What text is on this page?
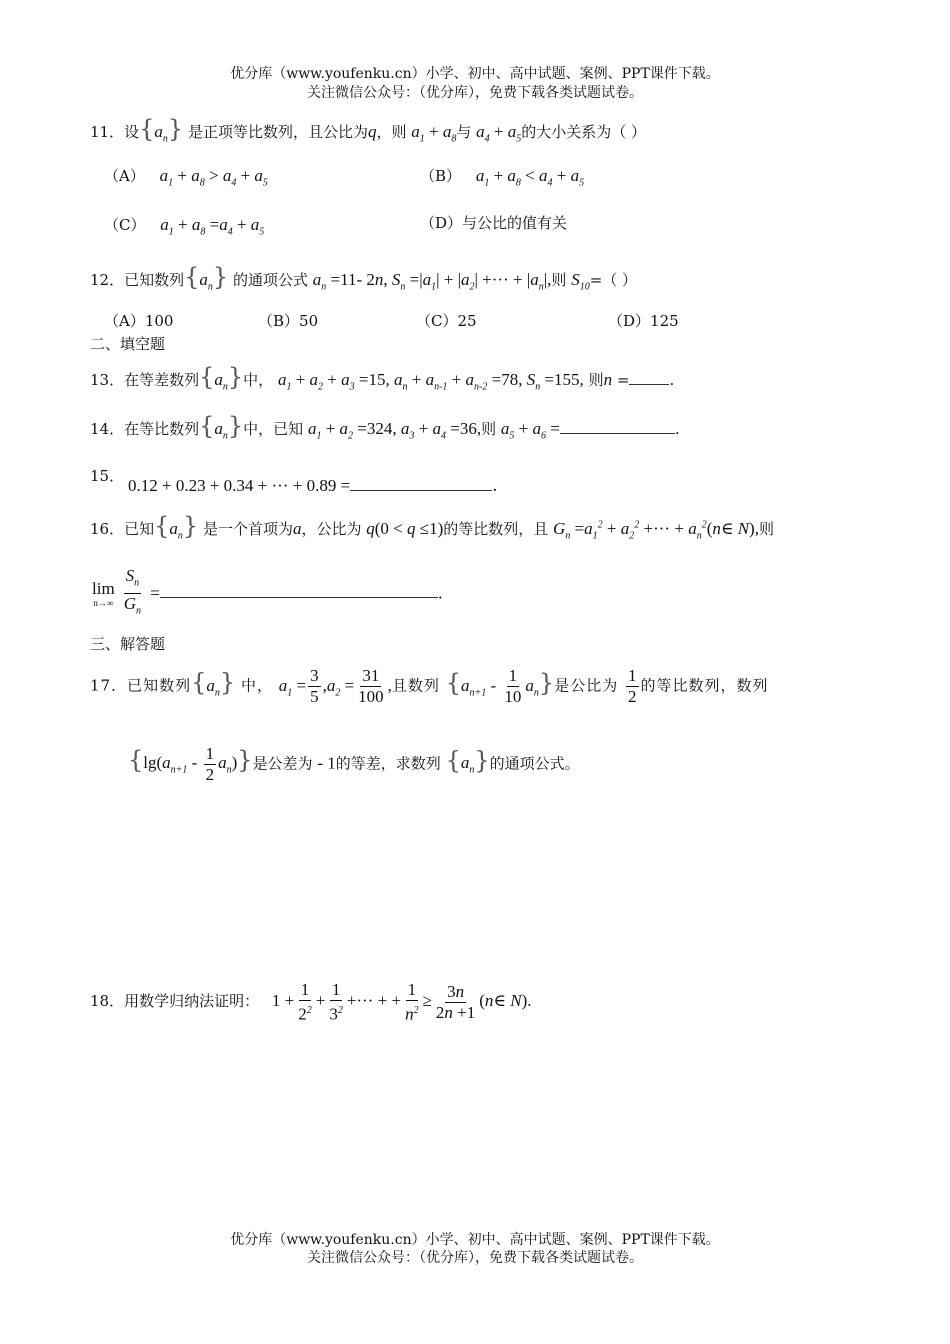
优分库（www.youfenku.cn）小学、初中、高中试题、案例、PPT课件下载。
关注微信公众号：（优分库），免费下载各类试题试卷。
11．设$\{a_n\}$ 是正项等比数列，且公比为q，则 $a_1 + a_8$与 $a_4 + a_5$的大小关系为（ ）
（A） $a_1 + a_8 > a_4 + a_5$	（B） $a_1 + a_8 < a_4 + a_5$
（C） $a_1 + a_8 =a_4 + a_5$	（D）与公比的值有关
12．已知数列$\{a_n\}$ 的通项公式 $a_n =11-$ 2n, $S_n =|a_1| + |a_2|$ +··· + $|a_n|$,则 $S_{10}=$（ ）
（A）100	（B）50	（C）25	（D）125
二、填空题
13．在等差数列$\{a_n\}$中， $a_1 + a_2 + a_3 =15$, $a_n + a_{n-1} + a_{n-2} =78$, $S_n =155$, 则n =	.
14．在等比数列$\{a_n\}$中，已知 $a_1 + a_2 =324$, $a_3 + a_4 =36$,则 $a_5 + a_6$ =	.
15． 0.12 + 0.23 + 0.34 + ··· + 0.89 =	.
16．已知$\{a_n\}$ 是一个首项为a，公比为 q(0 < q ≤1)的等比数列，且 $G_n =a_1^2 + a_2^2$ +··· + $a_n^2(n\in$ N),则
lim
n→∞
$\frac{S_n}{G_n}$ =	.
三、解答题
17．已知数列$\{a_n\}$ 中， $a_1 = \frac{3}{5} ,a_2 = \frac{31}{100}$ ,且数列 $\{a_{n+1} - \frac{1}{10} a_n\}$是公比为 $\frac{1}{2}$ 的等比数列，数列
$\{\lg(a_{n+1} - \frac{1}{2} a_n)\}$是公差为 - 1的等差，求数列 $\{a_n\}$的通项公式。
18．用数学归纳法证明： $1 + \frac{1}{2^2} + \frac{1}{3^2}$ +··· + + $\frac{1}{n^2} \ge \frac{3n}{2n +1}$ (n∈ N).
优分库（www.youfenku.cn）小学、初中、高中试题、案例、PPT课件下载。
关注微信公众号：（优分库），免费下载各类试题试卷。
